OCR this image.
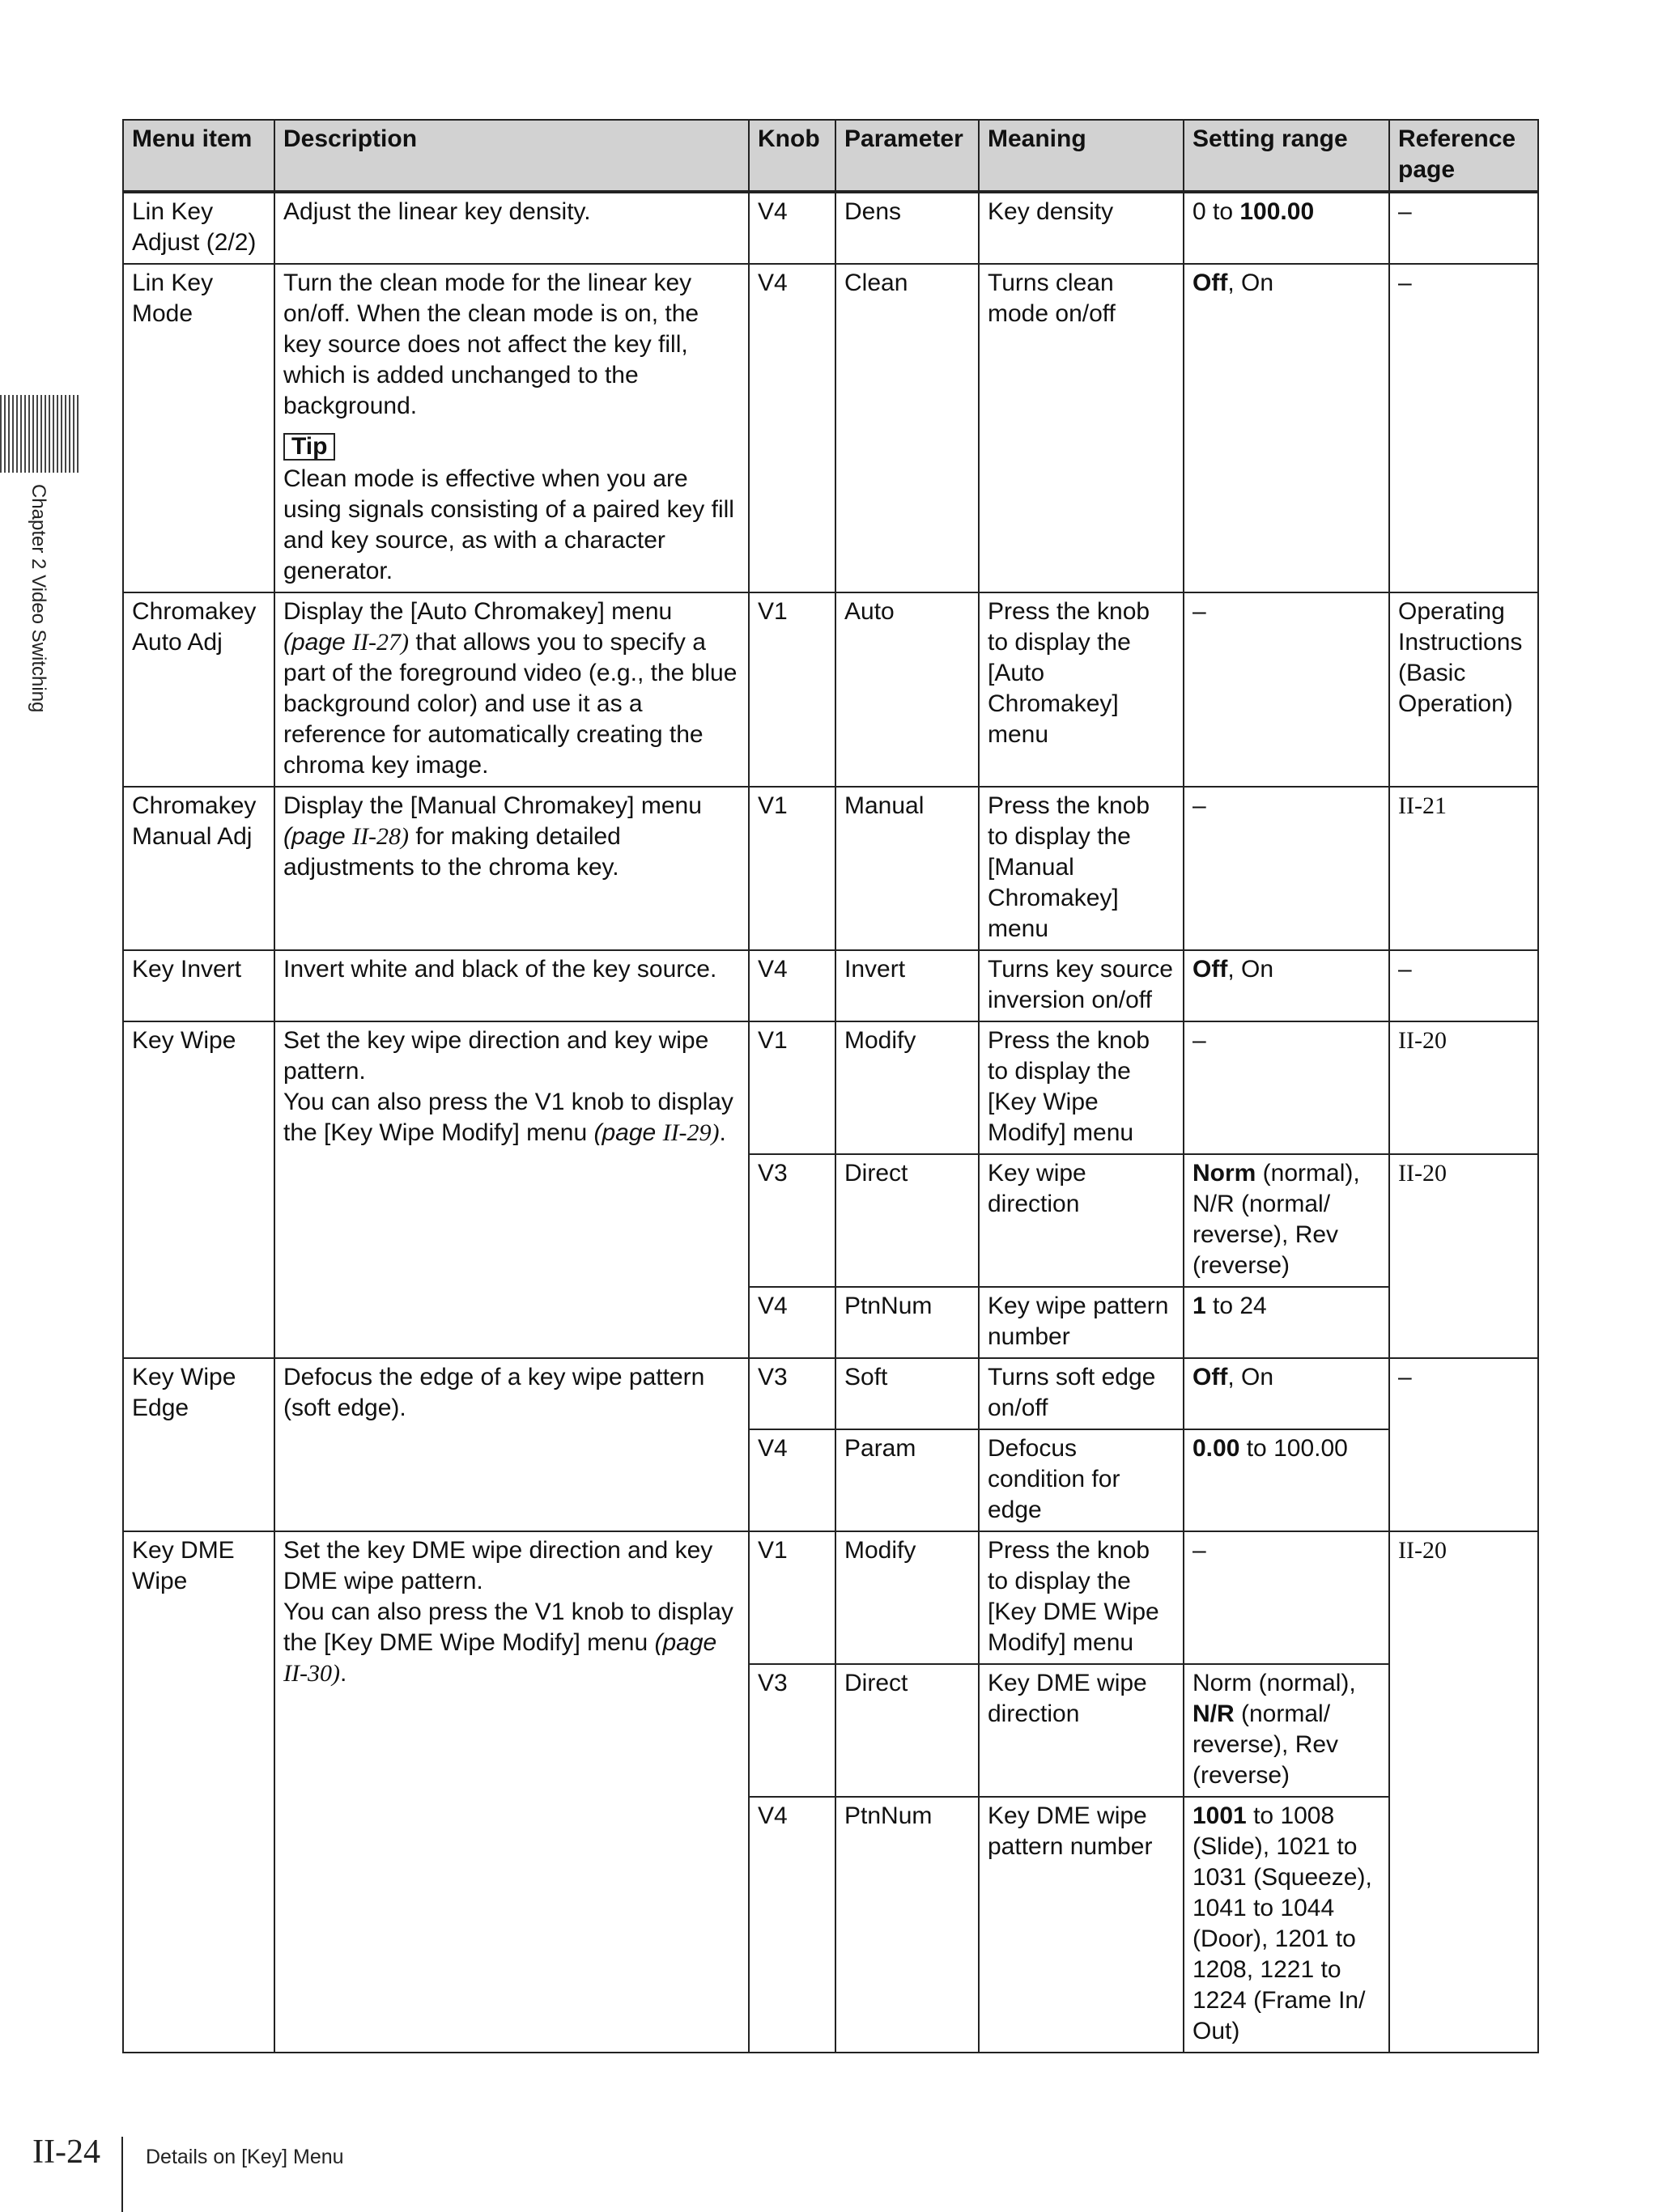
Chapter 2 Video Switching
Menu item	Description	Knob	Parameter	Meaning	Setting range	Reference page
Lin Key Adjust (2/2)	Adjust the linear key density.	V4	Dens	Key density	0 to 100.00	–
Lin Key Mode	Turn the clean mode for the linear key on/off. When the clean mode is on, the key source does not affect the key fill, which is added unchanged to the background.
Tip
Clean mode is effective when you are using signals consisting of a paired key fill and key source, as with a character generator.	V4	Clean	Turns clean mode on/off	Off, On	–
Chromakey Auto Adj	Display the [Auto Chromakey] menu (page II-27) that allows you to specify a part of the foreground video (e.g., the blue background color) and use it as a reference for automatically creating the chroma key image.	V1	Auto	Press the knob to display the [Auto Chromakey] menu	–	Operating Instructions (Basic Operation)
Chromakey Manual Adj	Display the [Manual Chromakey] menu (page II-28) for making detailed adjustments to the chroma key.	V1	Manual	Press the knob to display the [Manual Chromakey] menu	–	II-21
Key Invert	Invert white and black of the key source.	V4	Invert	Turns key source inversion on/off	Off, On	–
Key Wipe	Set the key wipe direction and key wipe pattern.
You can also press the V1 knob to display the [Key Wipe Modify] menu (page II-29).	V1	Modify	Press the knob to display the [Key Wipe Modify] menu	–	II-20
		V3	Direct	Key wipe direction	Norm (normal), N/R (normal/ reverse), Rev (reverse)	II-20
		V4	PtnNum	Key wipe pattern number	1 to 24	
Key Wipe Edge	Defocus the edge of a key wipe pattern (soft edge).	V3	Soft	Turns soft edge on/off	Off, On	–
		V4	Param	Defocus condition for edge	0.00 to 100.00	
Key DME Wipe	Set the key DME wipe direction and key DME wipe pattern.
You can also press the V1 knob to display the [Key DME Wipe Modify] menu (page II-30).	V1	Modify	Press the knob to display the [Key DME Wipe Modify] menu	–	II-20
		V3	Direct	Key DME wipe direction	Norm (normal), N/R (normal/ reverse), Rev (reverse)	
		V4	PtnNum	Key DME wipe pattern number	1001 to 1008 (Slide), 1021 to 1031 (Squeeze), 1041 to 1044 (Door), 1201 to 1208, 1221 to 1224 (Frame In/ Out)	
II-24 Details on [Key] Menu
